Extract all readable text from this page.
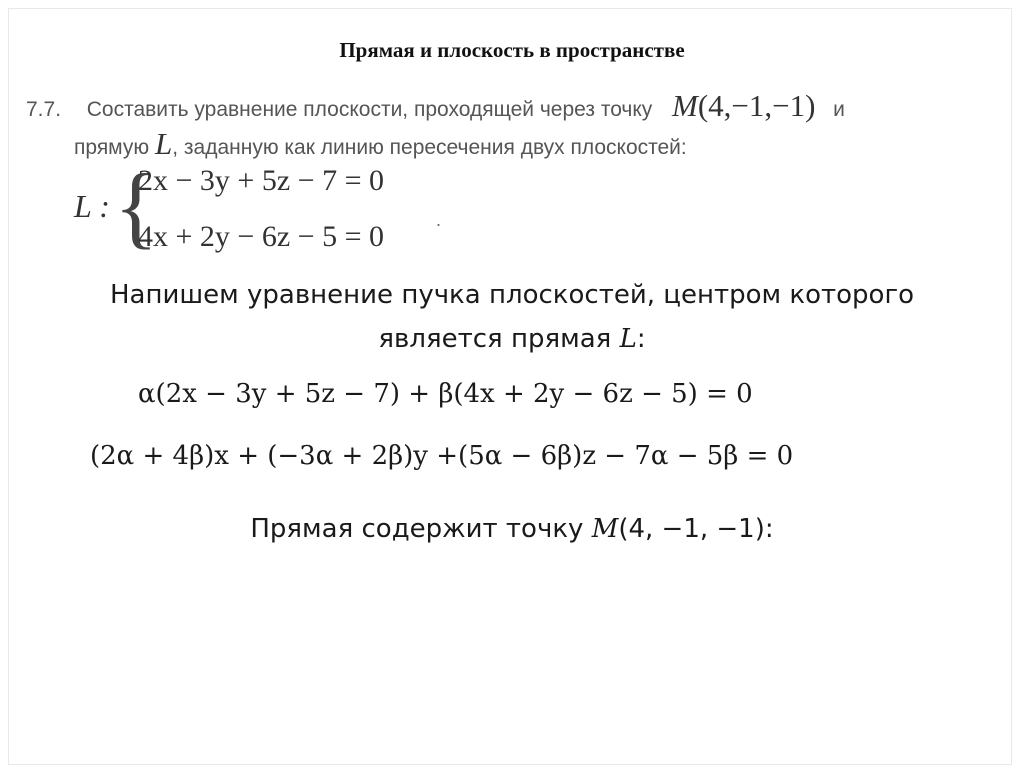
Прямая и плоскость в пространстве
7.7. Составить уравнение плоскости, проходящей через точку M(4,−1,−1) и
прямую L, заданную как линию пересечения двух плоскостей:
L : {
2x − 3y + 5z − 7 = 0
4x + 2y − 6z − 5 = 0	.
Напишем уравнение пучка плоскостей, центром которого
является прямая L:
α(2x − 3y + 5z − 7) + β(4x + 2y − 6z − 5) = 0
(2α + 4β)x + (−3α + 2β)y +(5α − 6β)z − 7α − 5β = 0
Прямая содержит точку M(4, −1, −1):
